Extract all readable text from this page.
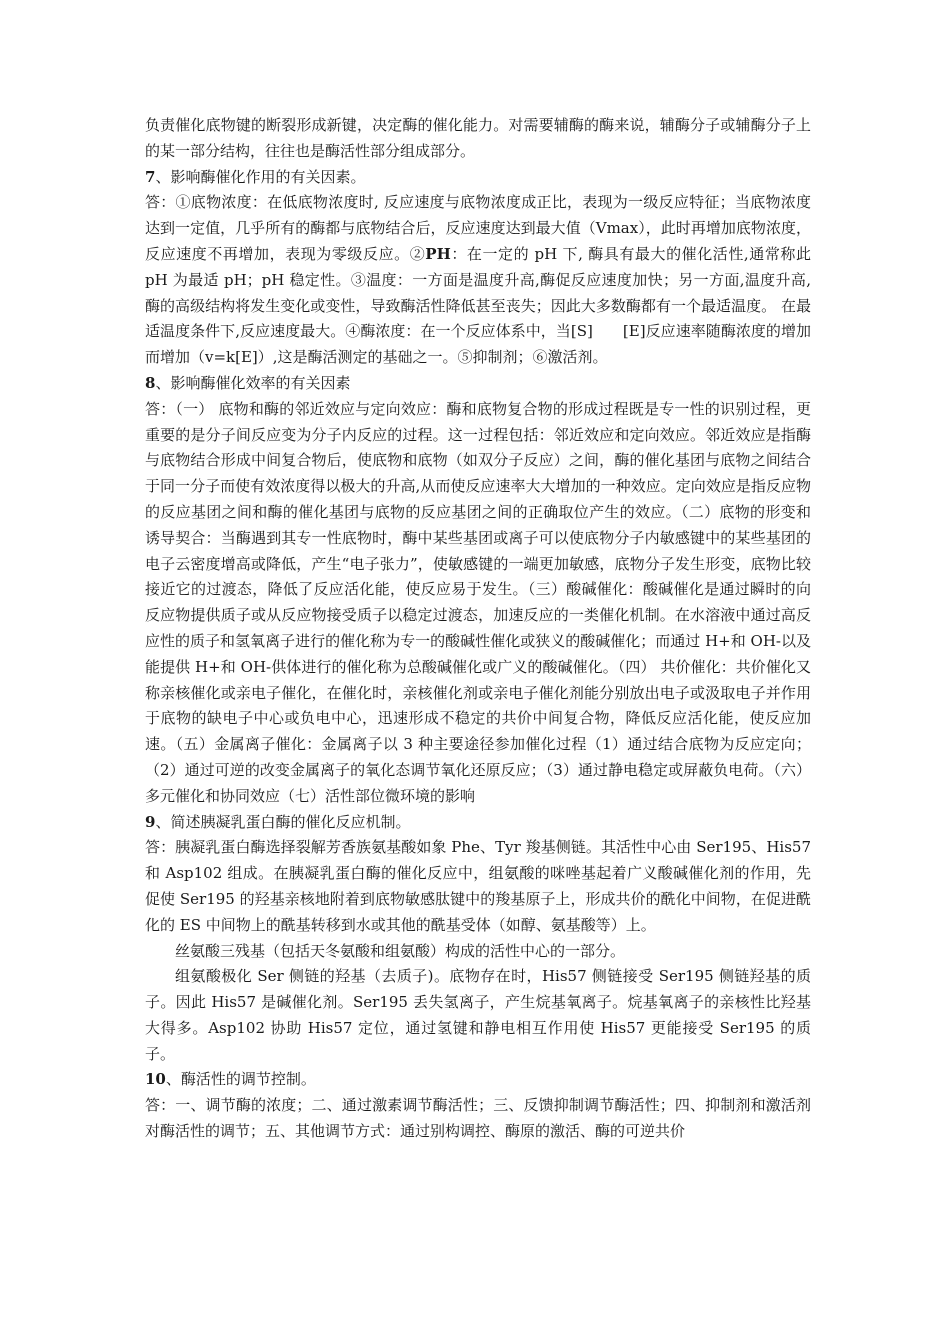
负责催化底物键的断裂形成新键，决定酶的催化能力。对需要辅酶的酶来说，辅酶分子或辅酶分子上的某一部分结构，往往也是酶活性部分组成部分。

7、影响酶催化作用的有关因素。

答：①底物浓度：在低底物浓度时, 反应速度与底物浓度成正比，表现为一级反应特征；当底物浓度达到一定值，几乎所有的酶都与底物结合后，反应速度达到最大值（Vmax），此时再增加底物浓度，反应速度不再增加，表现为零级反应。②PH：在一定的 pH 下, 酶具有最大的催化活性,通常称此 pH 为最适 pH；pH 稳定性。③温度：一方面是温度升高,酶促反应速度加快；另一方面,温度升高,酶的高级结构将发生变化或变性，导致酶活性降低甚至丧失；因此大多数酶都有一个最适温度。 在最适温度条件下,反应速度最大。④酶浓度：在一个反应体系中，当[S]　　[E]反应速率随酶浓度的增加而增加（v=k[E]）,这是酶活测定的基础之一。⑤抑制剂；⑥激活剂。

8、影响酶催化效率的有关因素

答：（一） 底物和酶的邻近效应与定向效应：酶和底物复合物的形成过程既是专一性的识别过程，更重要的是分子间反应变为分子内反应的过程。这一过程包括：邻近效应和定向效应。邻近效应是指酶与底物结合形成中间复合物后，使底物和底物（如双分子反应）之间，酶的催化基团与底物之间结合于同一分子而使有效浓度得以极大的升高,从而使反应速率大大增加的一种效应。定向效应是指反应物的反应基团之间和酶的催化基团与底物的反应基团之间的正确取位产生的效应。（二）底物的形变和诱导契合：当酶遇到其专一性底物时，酶中某些基团或离子可以使底物分子内敏感键中的某些基团的电子云密度增高或降低，产生“电子张力”，使敏感键的一端更加敏感，底物分子发生形变，底物比较接近它的过渡态，降低了反应活化能，使反应易于发生。（三）酸碱催化：酸碱催化是通过瞬时的向反应物提供质子或从反应物接受质子以稳定过渡态，加速反应的一类催化机制。在水溶液中通过高反应性的质子和氢氧离子进行的催化称为专一的酸碱性催化或狭义的酸碱催化；而通过 H+和 OH-以及能提供 H+和 OH-供体进行的催化称为总酸碱催化或广义的酸碱催化。（四） 共价催化：共价催化又称亲核催化或亲电子催化，在催化时，亲核催化剂或亲电子催化剂能分别放出电子或汲取电子并作用于底物的缺电子中心或负电中心，迅速形成不稳定的共价中间复合物，降低反应活化能，使反应加速。（五）金属离子催化：金属离子以 3 种主要途径参加催化过程（1）通过结合底物为反应定向；（2）通过可逆的改变金属离子的氧化态调节氧化还原反应；（3）通过静电稳定或屏蔽负电荷。（六）多元催化和协同效应（七）活性部位微环境的影响

9、简述胰凝乳蛋白酶的催化反应机制。

答：胰凝乳蛋白酶选择裂解芳香族氨基酸如象 Phe、Tyr 羧基侧链。其活性中心由 Ser195、His57 和 Asp102 组成。在胰凝乳蛋白酶的催化反应中，组氨酸的咪唑基起着广义酸碱催化剂的作用，先促使 Ser195 的羟基亲核地附着到底物敏感肽键中的羧基原子上，形成共价的酰化中间物，在促进酰化的 ES 中间物上的酰基转移到水或其他的酰基受体（如醇、氨基酸等）上。

丝氨酸三残基（包括天冬氨酸和组氨酸）构成的活性中心的一部分。

组氨酸极化 Ser 侧链的羟基（去质子)。底物存在时，His57 侧链接受 Ser195 侧链羟基的质子。因此 His57 是碱催化剂。Ser195 丢失氢离子，产生烷基氧离子。烷基氧离子的亲核性比羟基大得多。Asp102 协助 His57 定位，通过氢键和静电相互作用使 His57 更能接受 Ser195 的质子。

10、酶活性的调节控制。

答：一、调节酶的浓度；二、通过激素调节酶活性；三、反馈抑制调节酶活性；四、抑制剂和激活剂对酶活性的调节；五、其他调节方式：通过别构调控、酶原的激活、酶的可逆共价
